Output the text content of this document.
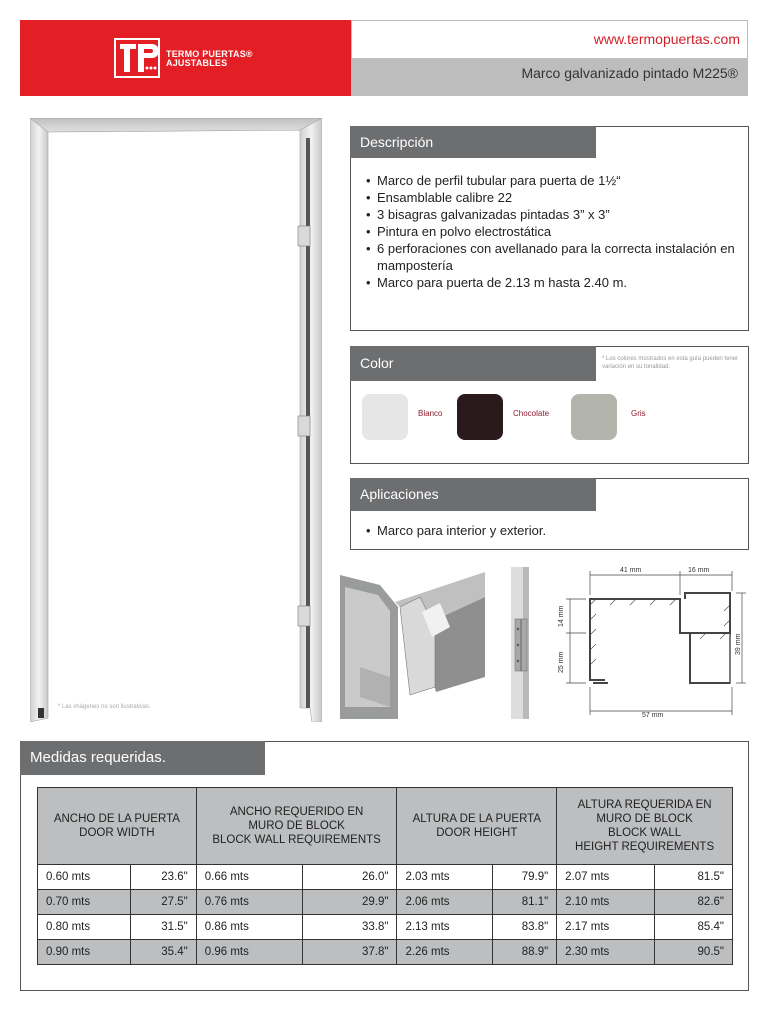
TERMO PUERTAS®
AJUSTABLES
www.termopuertas.com
Marco galvanizado pintado M225®
* Las imágenes no son ilustrativas.
Descripción
• Marco de perfil tubular para puerta de 1½“
• Ensamblable calibre 22
• 3 bisagras galvanizadas pintadas 3” x 3”
• Pintura en polvo electrostática
• 6 perforaciones con avellanado para la correcta instalación en mampostería
• Marco para puerta de 2.13 m hasta 2.40 m.
Color	* Los colores mostrados en esta guía pueden tener variación en su tonalidad.
Blanco	Chocolate	Gris
Aplicaciones
• Marco para interior y exterior.
41 mm	16 mm
14 mm
25 mm
39 mm
57 mm
Medidas requeridas.
ANCHO DE LA PUERTA
DOOR WIDTH		ANCHO REQUERIDO EN
MURO DE BLOCK
BLOCK WALL REQUIREMENTS		ALTURA DE LA PUERTA
DOOR HEIGHT		ALTURA REQUERIDA EN
MURO DE BLOCK
BLOCK WALL
HEIGHT REQUIREMENTS	
0.60 mts	23.6"	0.66 mts	26.0"	2.03 mts	79.9"	2.07 mts	81.5"
0.70 mts	27.5"	0.76 mts	29.9"	2.06 mts	81.1"	2.10 mts	82.6"
0.80 mts	31.5"	0.86 mts	33.8"	2.13 mts	83.8"	2.17 mts	85.4"
0.90 mts	35.4"	0.96 mts	37.8"	2.26 mts	88.9"	2.30 mts	90.5"
